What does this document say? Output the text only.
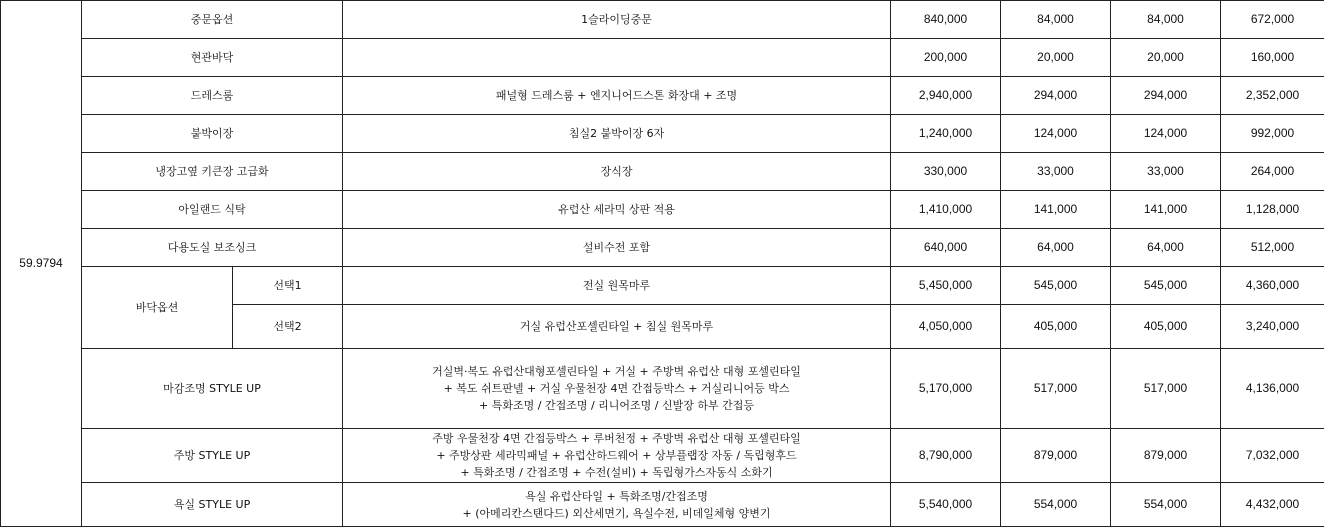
59.9794	중문옵션		1슬라이딩중문	840,000	84,000	84,000	672,000
	현관바닥			200,000	20,000	20,000	160,000
	드레스룸		패널형 드레스룸 + 엔지니어드스톤 화장대 + 조명	2,940,000	294,000	294,000	2,352,000
	붙박이장		침실2 붙박이장 6자	1,240,000	124,000	124,000	992,000
	냉장고옆 키큰장 고급화		장식장	330,000	33,000	33,000	264,000
	아일랜드 식탁		유럽산 세라믹 상판 적용	1,410,000	141,000	141,000	1,128,000
	다용도실 보조싱크		설비수전 포함	640,000	64,000	64,000	512,000
	바닥옵션	선택1	전실 원목마루	5,450,000	545,000	545,000	4,360,000
		선택2	거실 유럽산포셀린타일 + 침실 원목마루	4,050,000	405,000	405,000	3,240,000
	마감조명 STYLE UP		거실벽·복도 유럽산대형포셀린타일 + 거실 + 주방벽 유럽산 대형 포셀린타일
+ 복도 쉬트판넬 + 거실 우물천장 4면 간접등박스 + 거실리니어등 박스
+ 특화조명 / 간접조명 / 리니어조명 / 신발장 하부 간접등	5,170,000	517,000	517,000	4,136,000
	주방 STYLE UP		주방 우물천장 4면 간접등박스 + 루버천정 + 주방벽 유럽산 대형 포셀린타일
+ 주방상판 세라믹패널 + 유럽산하드웨어 + 상부플랩장 자동 / 독립형후드
+ 특화조명 / 간접조명 + 수전(설비) + 독립형가스자동식 소화기	8,790,000	879,000	879,000	7,032,000
	욕실 STYLE UP		욕실 유럽산타일 + 특화조명/간접조명
+ (아메리칸스탠다드) 외산세면기, 욕실수전, 비데일체형 양변기	5,540,000	554,000	554,000	4,432,000
